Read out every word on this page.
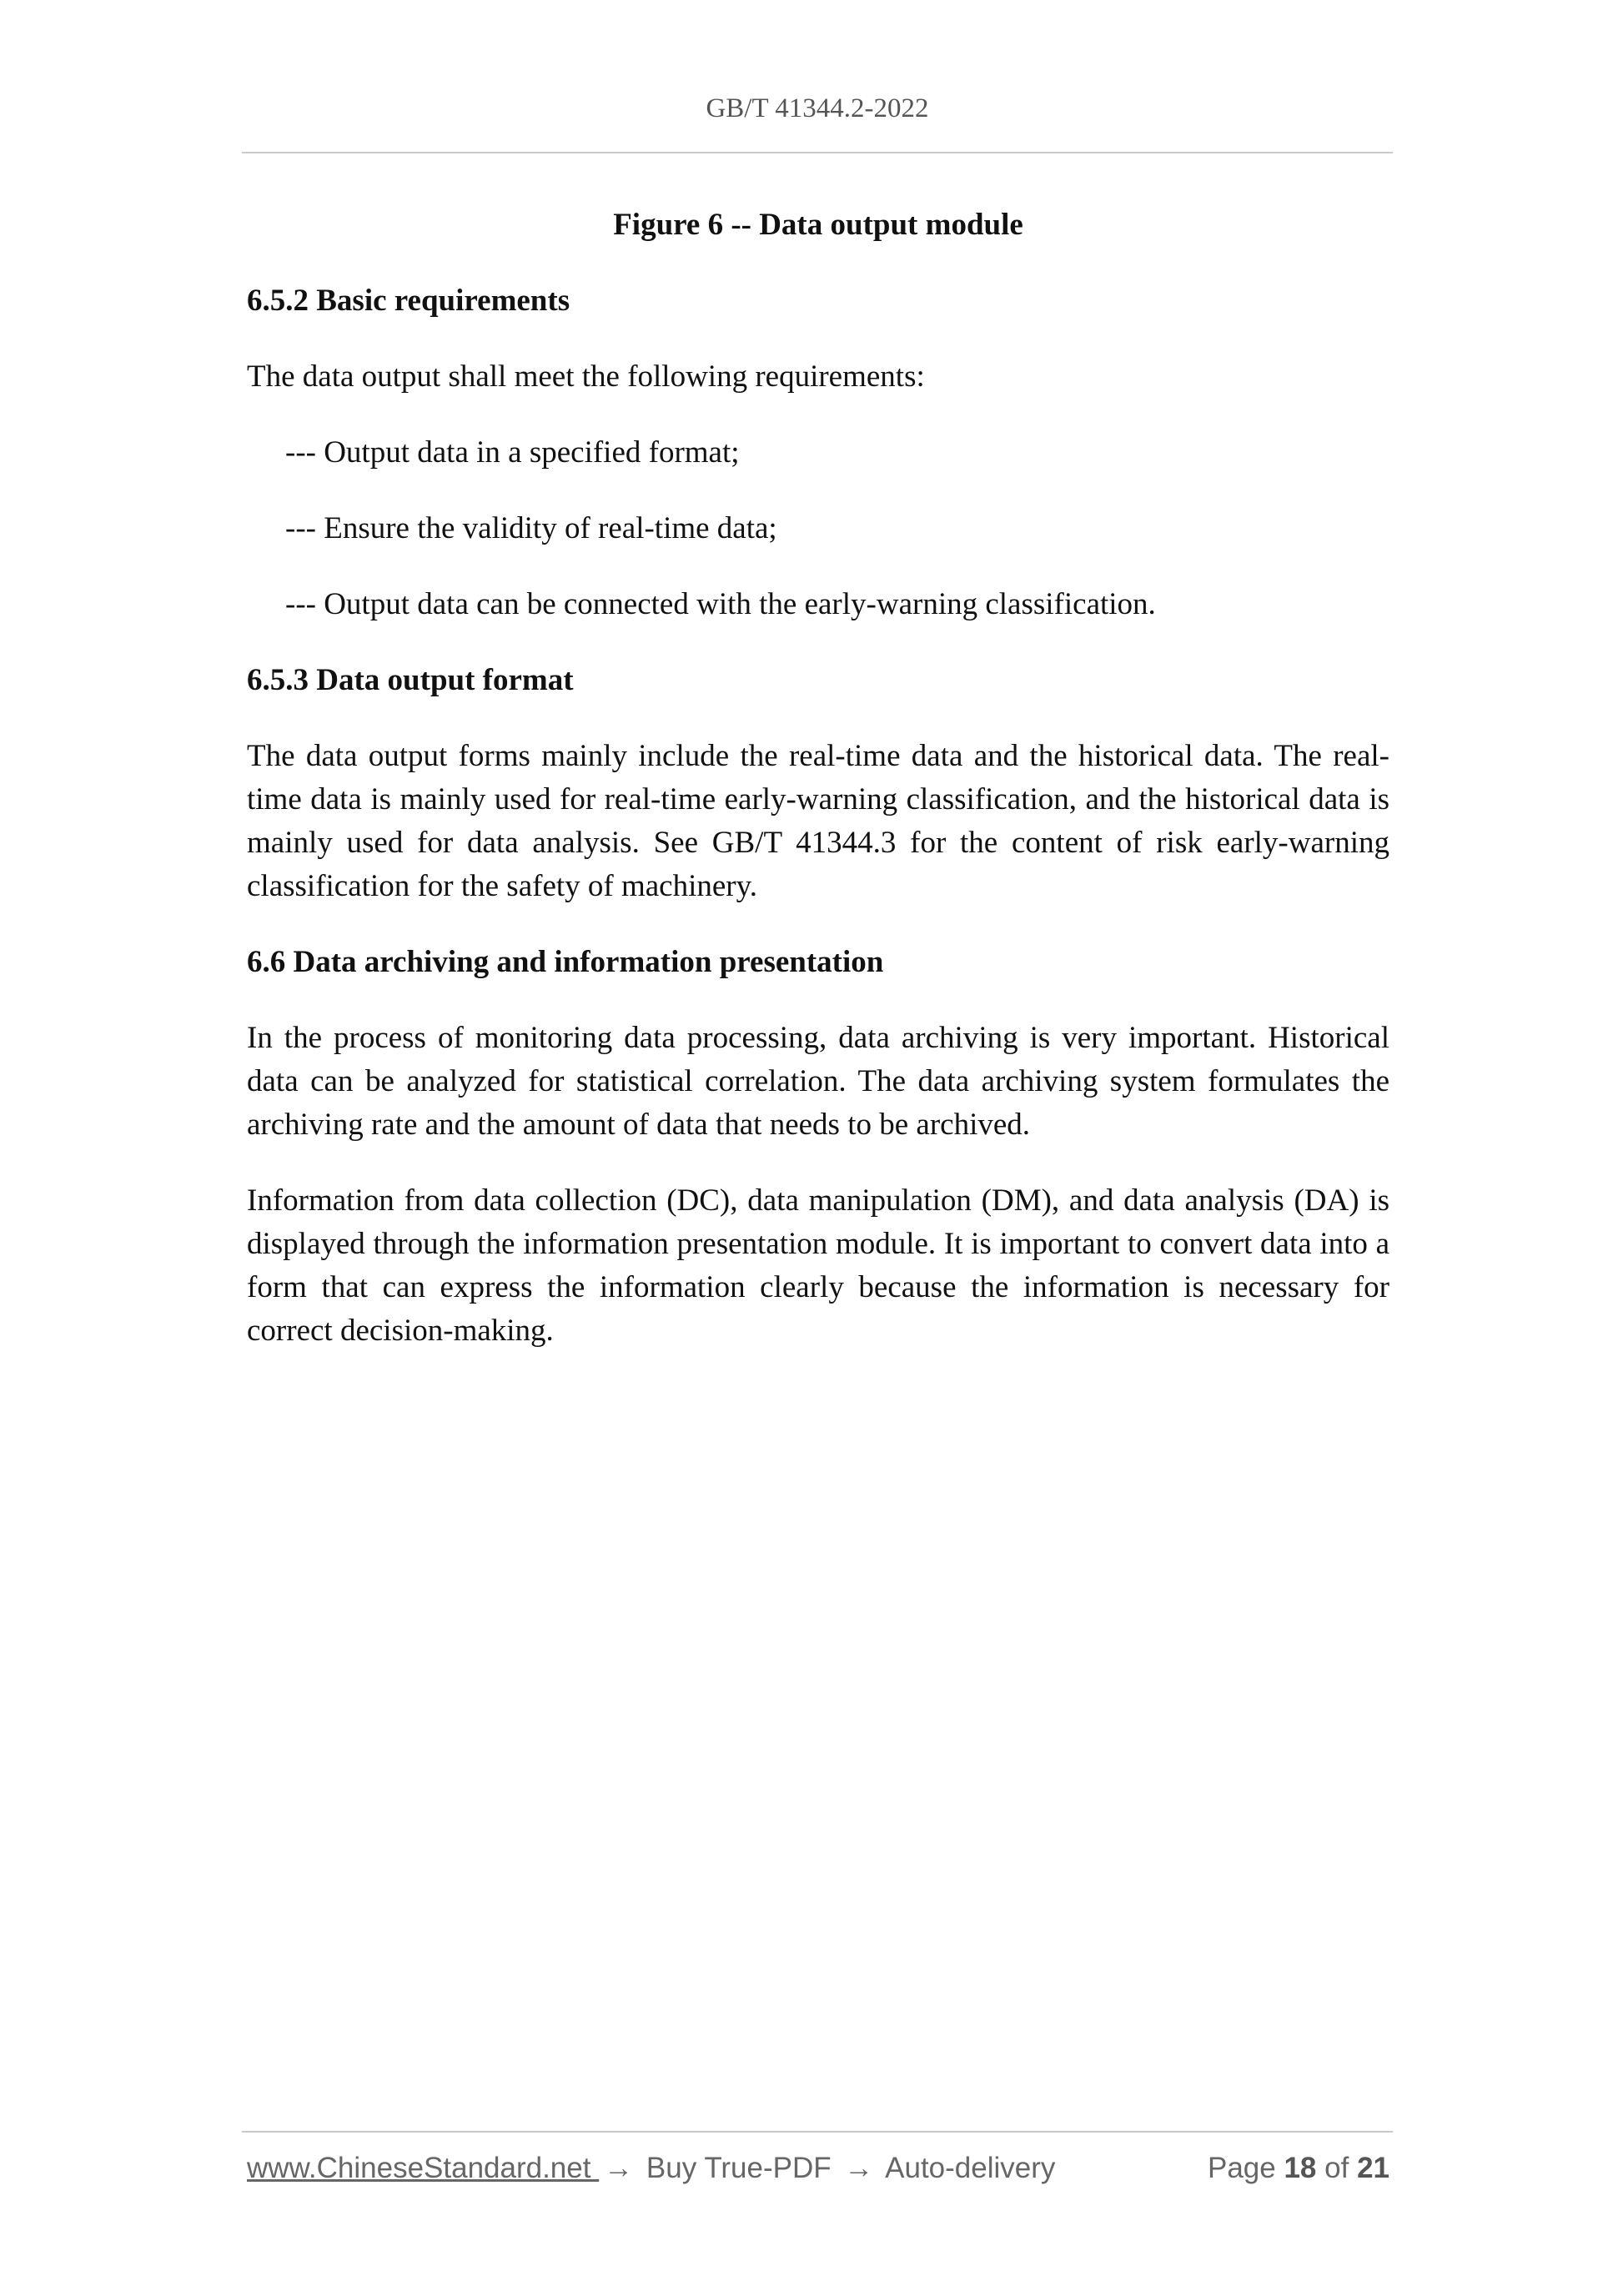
GB/T 41344.2-2022

Figure 6 -- Data output module

6.5.2 Basic requirements

The data output shall meet the following requirements:

--- Output data in a specified format;

--- Ensure the validity of real-time data;

--- Output data can be connected with the early-warning classification.

6.5.3 Data output format

The data output forms mainly include the real-time data and the historical data. The real-time data is mainly used for real-time early-warning classification, and the historical data is mainly used for data analysis. See GB/T 41344.3 for the content of risk early-warning classification for the safety of machinery.

6.6 Data archiving and information presentation

In the process of monitoring data processing, data archiving is very important. Historical data can be analyzed for statistical correlation. The data archiving system formulates the archiving rate and the amount of data that needs to be archived.

Information from data collection (DC), data manipulation (DM), and data analysis (DA) is displayed through the information presentation module. It is important to convert data into a form that can express the information clearly because the information is necessary for correct decision-making.

www.ChineseStandard.net → Buy True-PDF → Auto-delivery	Page 18 of 21
